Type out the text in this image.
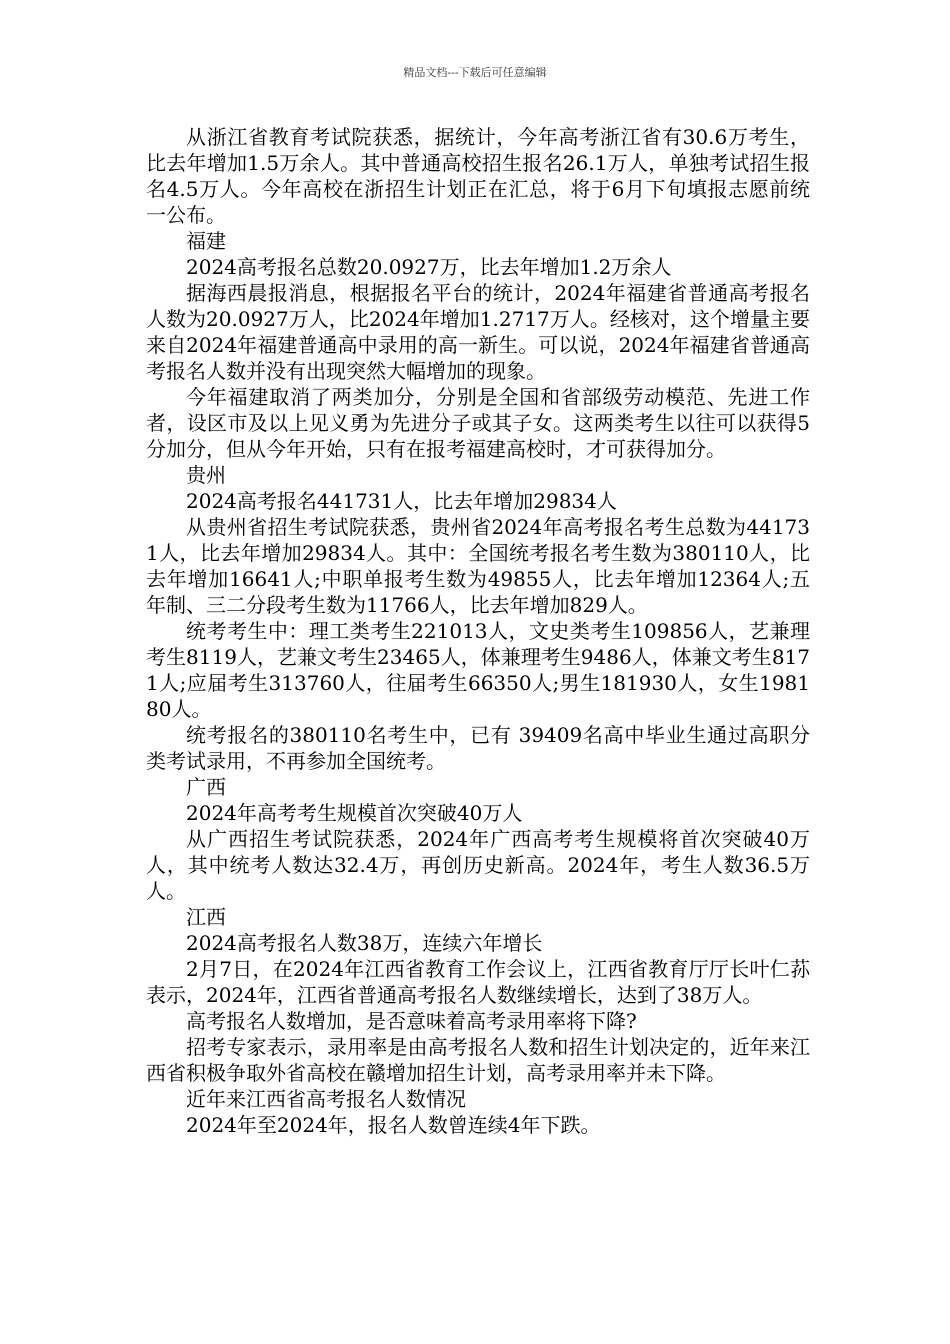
精品文档---下载后可任意编辑

从浙江省教育考试院获悉，据统计，今年高考浙江省有30.6万考生，比去年增加1.5万余人。其中普通高校招生报名26.1万人，单独考试招生报名4.5万人。今年高校在浙招生计划正在汇总，将于6月下旬填报志愿前统一公布。

福建

2024高考报名总数20.0927万，比去年增加1.2万余人

据海西晨报消息，根据报名平台的统计，2024年福建省普通高考报名人数为20.0927万人，比2024年增加1.2717万人。经核对，这个增量主要来自2024年福建普通高中录用的高一新生。可以说，2024年福建省普通高考报名人数并没有出现突然大幅增加的现象。

今年福建取消了两类加分，分别是全国和省部级劳动模范、先进工作者，设区市及以上见义勇为先进分子或其子女。这两类考生以往可以获得5分加分，但从今年开始，只有在报考福建高校时，才可获得加分。

贵州

2024高考报名441731人，比去年增加29834人

从贵州省招生考试院获悉，贵州省2024年高考报名考生总数为441731人，比去年增加29834人。其中：全国统考报名考生数为380110人，比去年增加16641人;中职单报考生数为49855人，比去年增加12364人;五年制、三二分段考生数为11766人，比去年增加829人。

统考考生中：理工类考生221013人，文史类考生109856人，艺兼理考生8119人，艺兼文考生23465人，体兼理考生9486人，体兼文考生8171人;应届考生313760人，往届考生66350人;男生181930人，女生198180人。

统考报名的380110名考生中，已有 39409名高中毕业生通过高职分类考试录用，不再参加全国统考。

广西

2024年高考考生规模首次突破40万人

从广西招生考试院获悉，2024年广西高考考生规模将首次突破40万人，其中统考人数达32.4万，再创历史新高。2024年，考生人数36.5万人。

江西

2024高考报名人数38万，连续六年增长

2月7日，在2024年江西省教育工作会议上，江西省教育厅厅长叶仁荪表示，2024年，江西省普通高考报名人数继续增长，达到了38万人。

高考报名人数增加，是否意味着高考录用率将下降?

招考专家表示，录用率是由高考报名人数和招生计划决定的，近年来江西省积极争取外省高校在赣增加招生计划，高考录用率并未下降。

近年来江西省高考报名人数情况

2024年至2024年，报名人数曾连续4年下跌。
